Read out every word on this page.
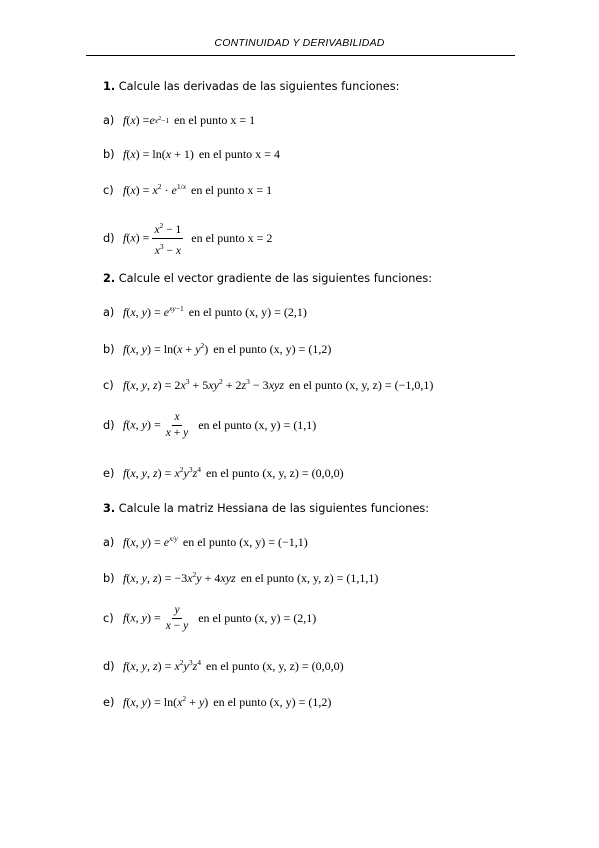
CONTINUIDAD Y DERIVABILIDAD
1. Calcule las derivadas de las siguientes funciones:
a) f ( x ) = e $x^2-1$ en el punto x = 1
b) f(x) = ln(x + 1) en el punto x = 4
c) $f(x) = x^2 \cdot e^{1/x}$ en el punto x = 1
d) $f(x) = \frac{x^2 - 1}{x^3 - x}$ en el punto x = 2
2. Calcule el vector gradiente de las siguientes funciones:
a) f(x, $y) = e^{xy-1}$ en el punto (x, y) = (2,1)
b) f(x, $y) = \ln(x + y^2)$ en el punto (x, y) = (1,2)
c) f(x, y, $z) = 2x^3 + 5xy^2 + 2z^3 - 3xyz$ en el punto (x, y, z) = (−1,0,1)
d) f(x, $y) = \frac{x}{x + y}$ en el punto (x, y) = (1,1)
e) f(x, y, $z) = x^2y^3z^4$ en el punto (x, y, z) = (0,0,0)
3. Calcule la matriz Hessiana de las siguientes funciones:
a) f(x, $y) = e^{x/y}$ en el punto (x, y) = (−1,1)
b) f(x, y, $z) = -3x^2y + 4xyz$ en el punto (x, y, z) = (1,1,1)
c) f(x, $y) = \frac{y}{x - y}$ en el punto (x, y) = (2,1)
d) f(x, y, $z) = x^2y^3z^4$ en el punto (x, y, z) = (0,0,0)
e) f(x, $y) = \ln(x^2 + y)$ en el punto (x, y) = (1,2)
